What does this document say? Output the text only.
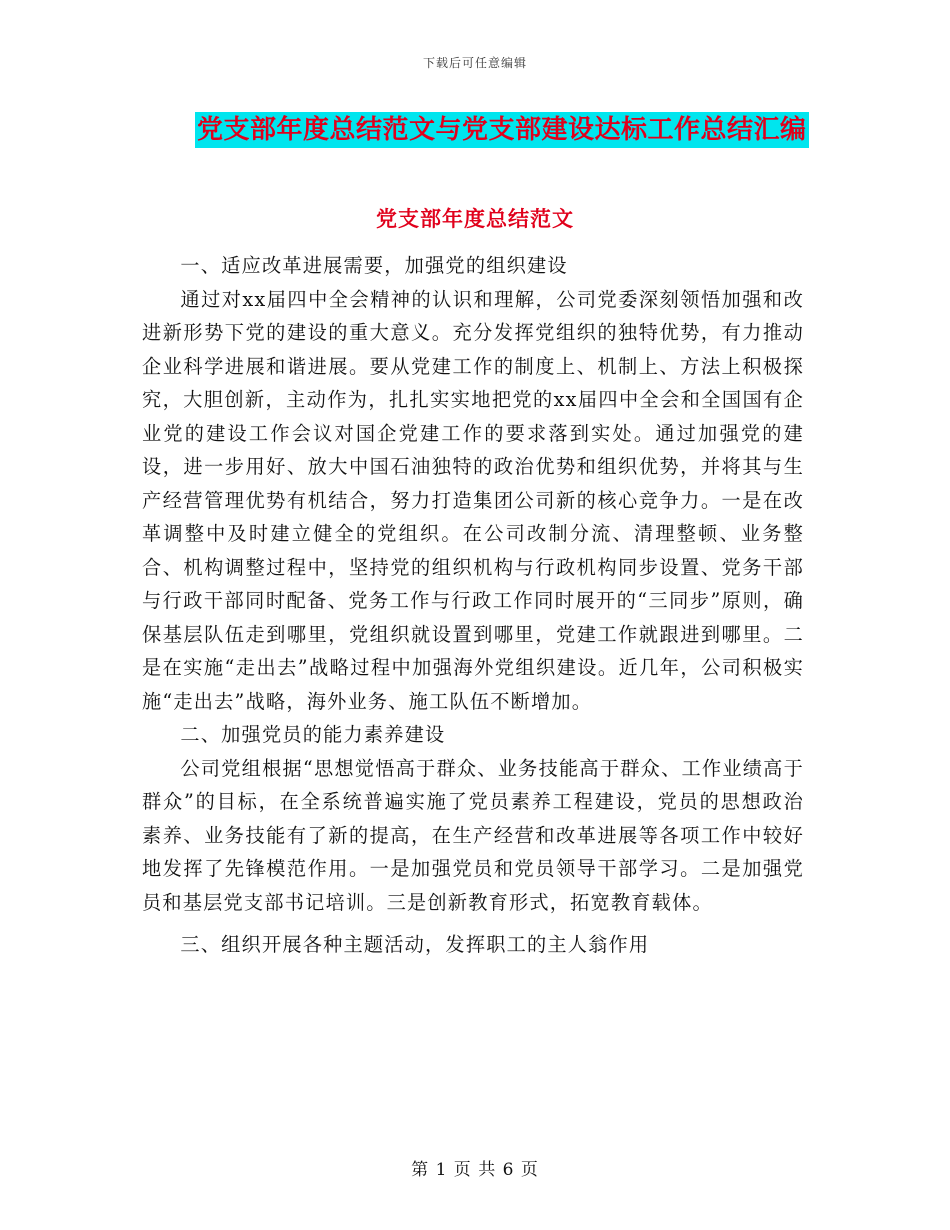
下载后可任意编辑
党支部年度总结范文与党支部建设达标工作总结汇编
党支部年度总结范文

一、适应改革进展需要，加强党的组织建设

通过对xx届四中全会精神的认识和理解，公司党委深刻领悟加强和改进新形势下党的建设的重大意义。充分发挥党组织的独特优势，有力推动企业科学进展和谐进展。要从党建工作的制度上、机制上、方法上积极探究，大胆创新，主动作为，扎扎实实地把党的xx届四中全会和全国国有企业党的建设工作会议对国企党建工作的要求落到实处。通过加强党的建设，进一步用好、放大中国石油独特的政治优势和组织优势，并将其与生产经营管理优势有机结合，努力打造集团公司新的核心竞争力。一是在改革调整中及时建立健全的党组织。在公司改制分流、清理整顿、业务整合、机构调整过程中，坚持党的组织机构与行政机构同步设置、党务干部与行政干部同时配备、党务工作与行政工作同时展开的“三同步”原则，确保基层队伍走到哪里，党组织就设置到哪里，党建工作就跟进到哪里。二是在实施“走出去”战略过程中加强海外党组织建设。近几年，公司积极实施“走出去”战略，海外业务、施工队伍不断增加。

二、加强党员的能力素养建设

公司党组根据“思想觉悟高于群众、业务技能高于群众、工作业绩高于群众”的目标，在全系统普遍实施了党员素养工程建设，党员的思想政治素养、业务技能有了新的提高，在生产经营和改革进展等各项工作中较好地发挥了先锋模范作用。一是加强党员和党员领导干部学习。二是加强党员和基层党支部书记培训。三是创新教育形式，拓宽教育载体。

三、组织开展各种主题活动，发挥职工的主人翁作用

第 1 页 共 6 页
